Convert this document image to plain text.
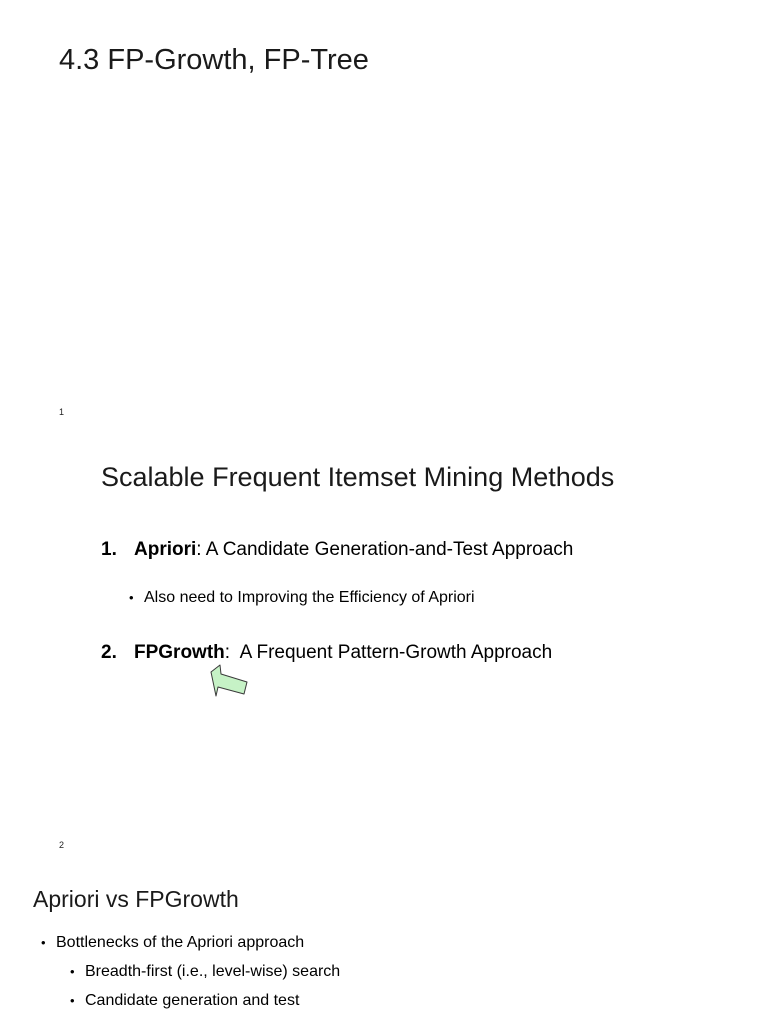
4.3 FP-Growth, FP-Tree
1
Scalable Frequent Itemset Mining Methods
1. Apriori : A Candidate Generation-and-Test Approach
• Also need to Improving the Efficiency of Apriori
2. FPGrowth :  A Frequent Pattern-Growth Approach
2
Apriori vs FPGrowth
• Bottlenecks of the Apriori approach
• Breadth-first (i.e., level-wise) search
• Candidate generation and test
